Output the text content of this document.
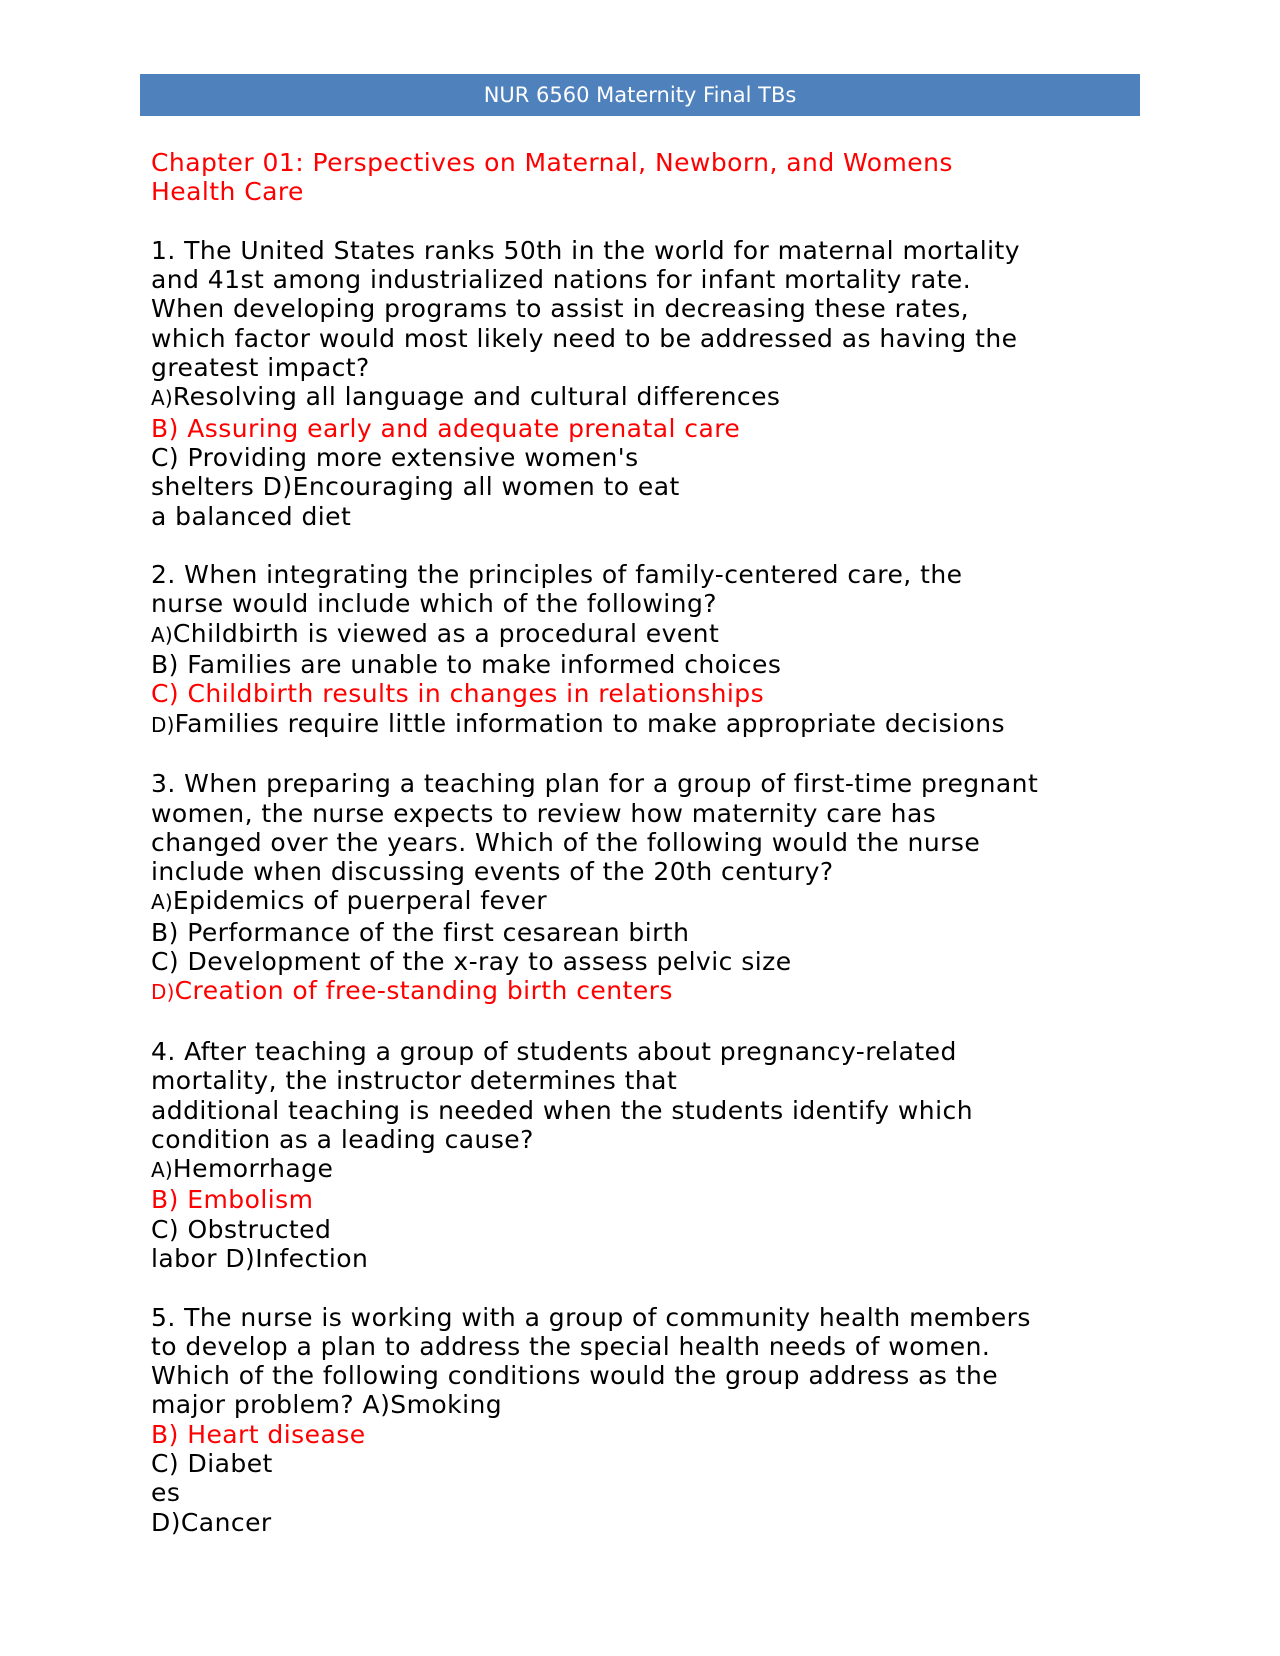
NUR 6560 Maternity Final TBs
Chapter 01: Perspectives on Maternal, Newborn, and Womens
Health Care
1. The United States ranks 50th in the world for maternal mortality
and 41st among industrialized nations for infant mortality rate.
When developing programs to assist in decreasing these rates,
which factor would most likely need to be addressed as having the
greatest impact?
A)Resolving all language and cultural differences
B) Assuring early and adequate prenatal care
C) Providing more extensive women's
shelters D)Encouraging all women to eat
a balanced diet
2. When integrating the principles of family-centered care, the
nurse would include which of the following?
A)Childbirth is viewed as a procedural event
B) Families are unable to make informed choices
C) Childbirth results in changes in relationships
D)Families require little information to make appropriate decisions
3. When preparing a teaching plan for a group of first-time pregnant
women, the nurse expects to review how maternity care has
changed over the years. Which of the following would the nurse
include when discussing events of the 20th century?
A)Epidemics of puerperal fever
B) Performance of the first cesarean birth
C) Development of the x-ray to assess pelvic size
D)Creation of free-standing birth centers
4. After teaching a group of students about pregnancy-related
mortality, the instructor determines that
additional teaching is needed when the students identify which
condition as a leading cause?
A)Hemorrhage
B) Embolism
C) Obstructed
labor D)Infection
5. The nurse is working with a group of community health members
to develop a plan to address the special health needs of women.
Which of the following conditions would the group address as the
major problem? A)Smoking
B) Heart disease
C) Diabet
es
D)Cancer
